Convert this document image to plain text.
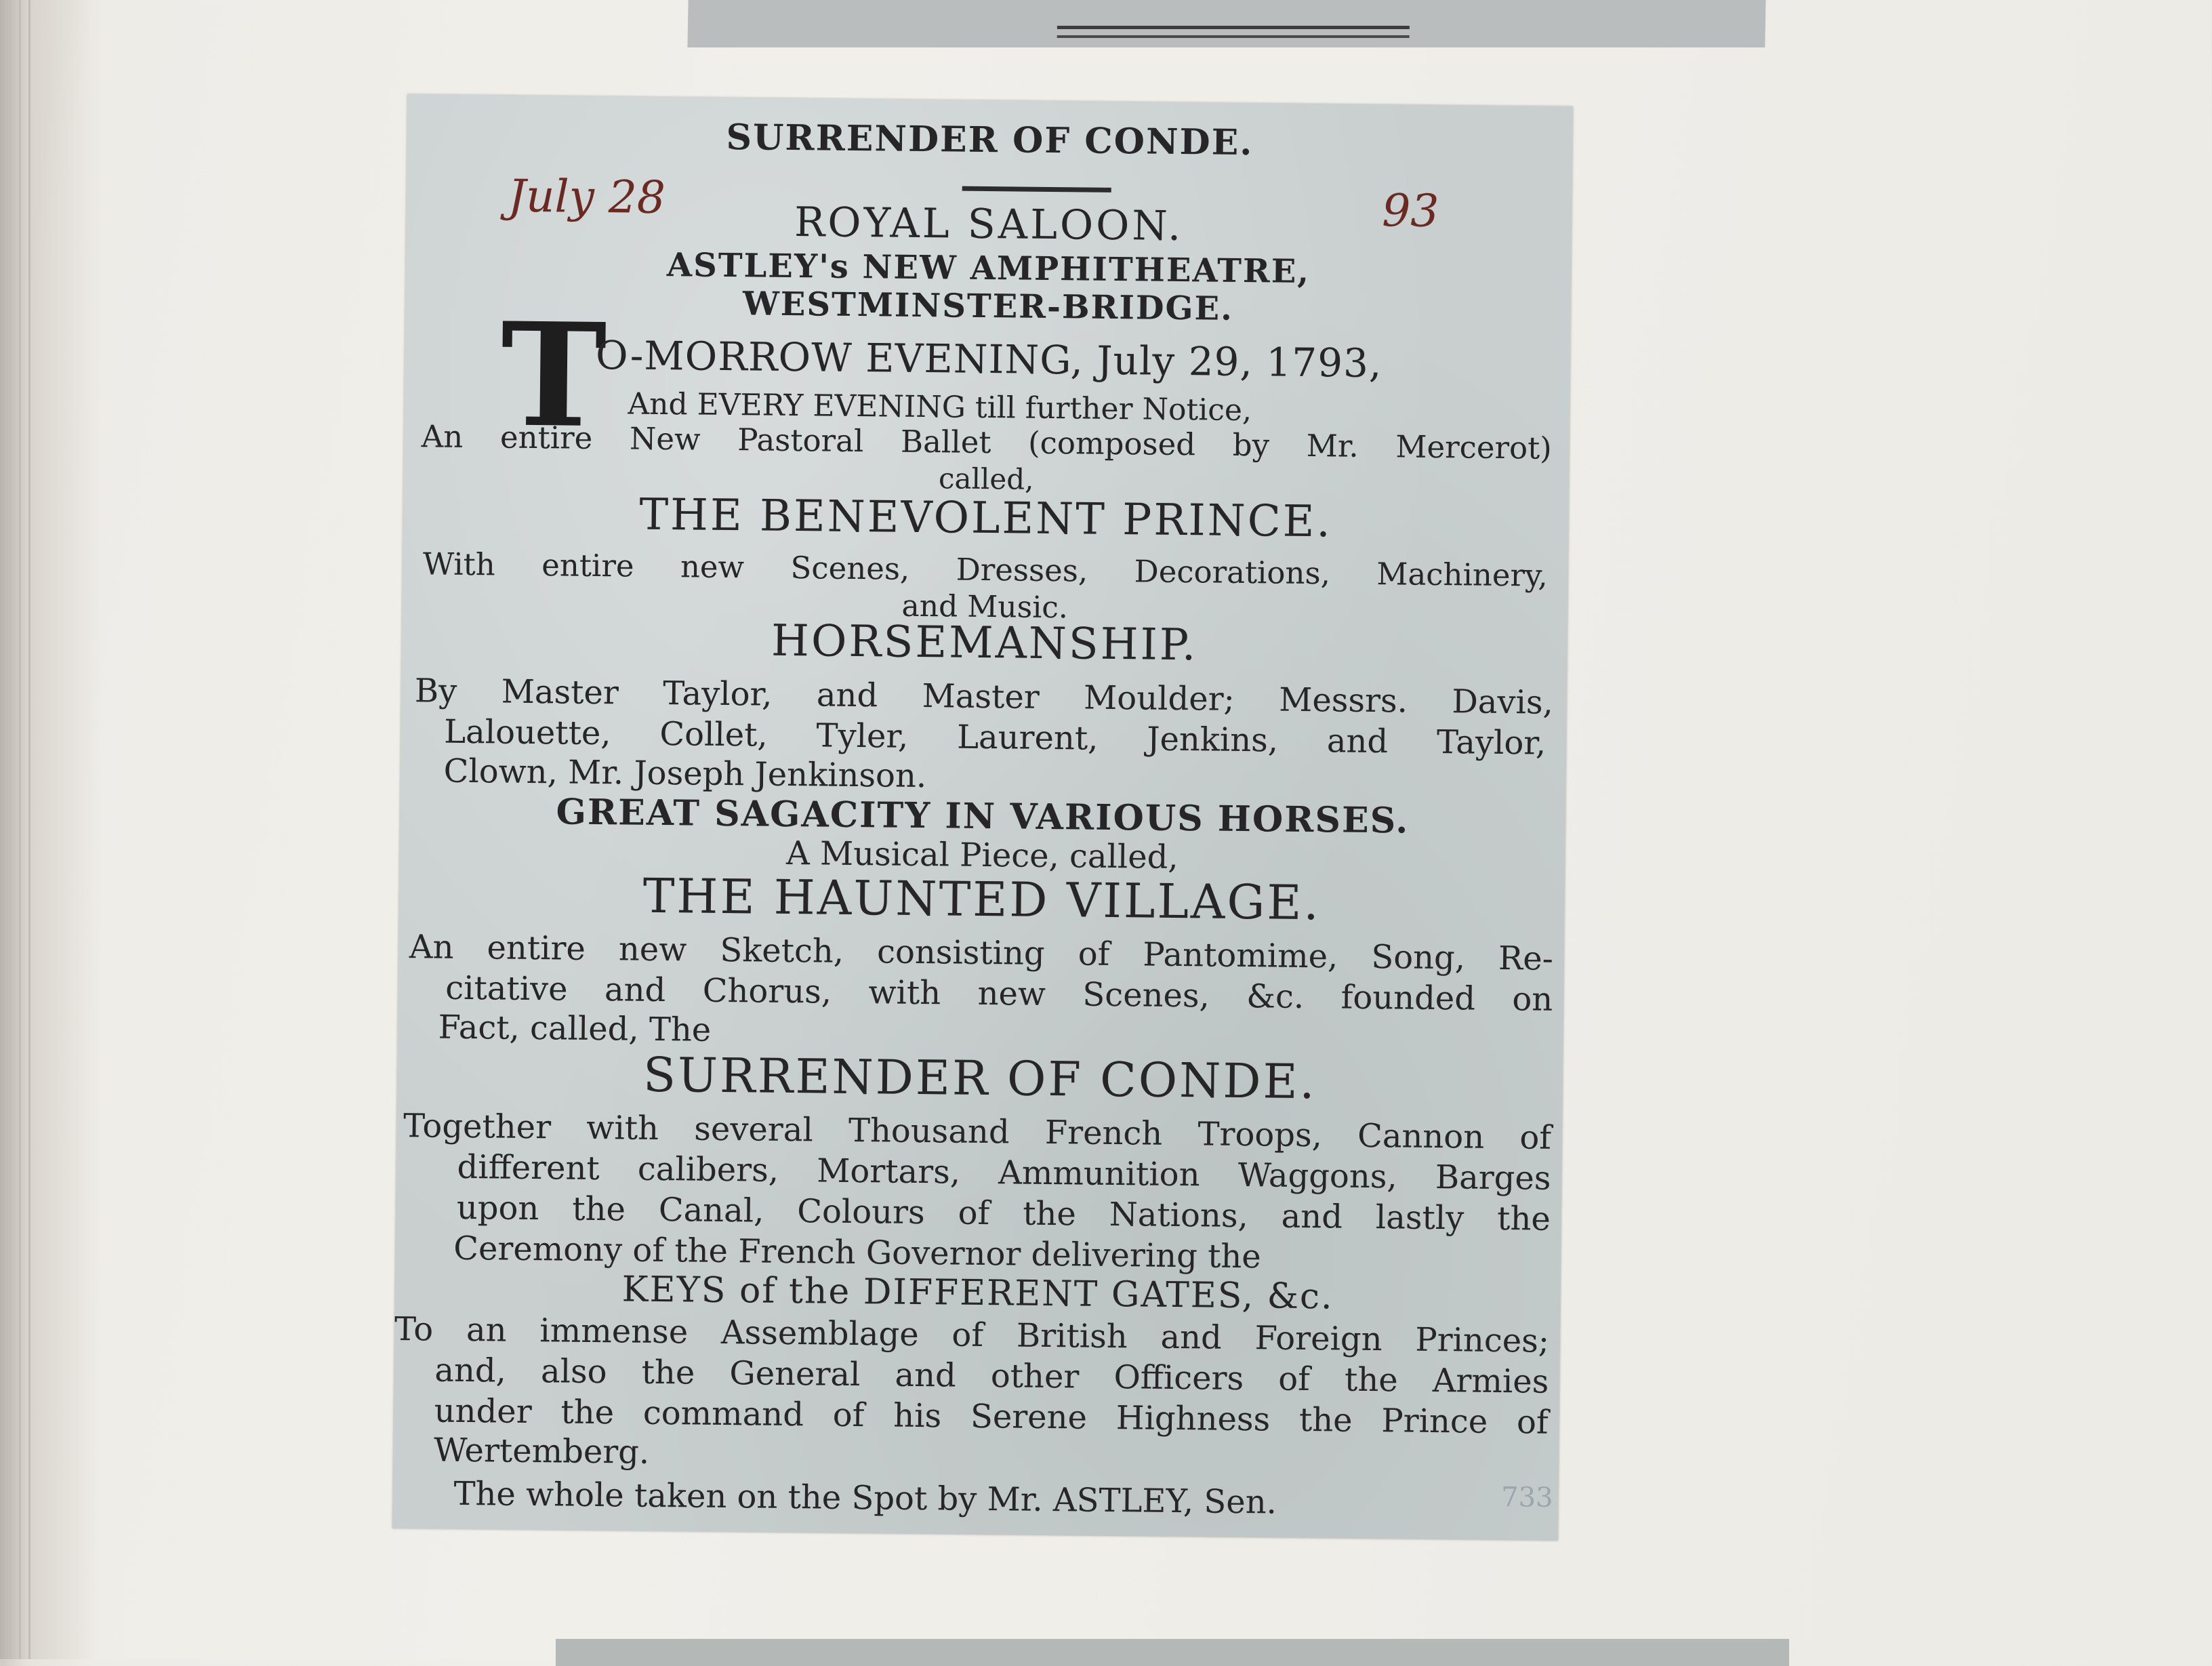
SURRENDER OF CONDE.
July 28	93
ROYAL SALOON.
ASTLEY's NEW AMPHITHEATRE,
WESTMINSTER-BRIDGE.
T
O-MORROW EVENING, July 29, 1793,
And EVERY EVENING till further Notice,
An entire New Pastoral Ballet (composed by Mr. Mercerot)
called,
THE BENEVOLENT PRINCE.
With entire new Scenes, Dresses, Decorations, Machinery,
and Music.
HORSEMANSHIP.
By Master Taylor, and Master Moulder; Messrs. Davis,
Lalouette, Collet, Tyler, Laurent, Jenkins, and Taylor,
Clown, Mr. Joseph Jenkinson.
GREAT SAGACITY IN VARIOUS HORSES.
A Musical Piece, called,
THE HAUNTED VILLAGE.
An entire new Sketch, consisting of Pantomime, Song, Re-
citative and Chorus, with new Scenes, &c. founded on
Fact, called, The
SURRENDER OF CONDE.
Together with several Thousand French Troops, Cannon of
different calibers, Mortars, Ammunition Waggons, Barges
upon the Canal, Colours of the Nations, and lastly the
Ceremony of the French Governor delivering the
KEYS of the DIFFERENT GATES, &c.
To an immense Assemblage of British and Foreign Princes;
and, also the General and other Officers of the Armies
under the command of his Serene Highness the Prince of
Wertemberg.
The whole taken on the Spot by Mr. ASTLEY, Sen.	733
